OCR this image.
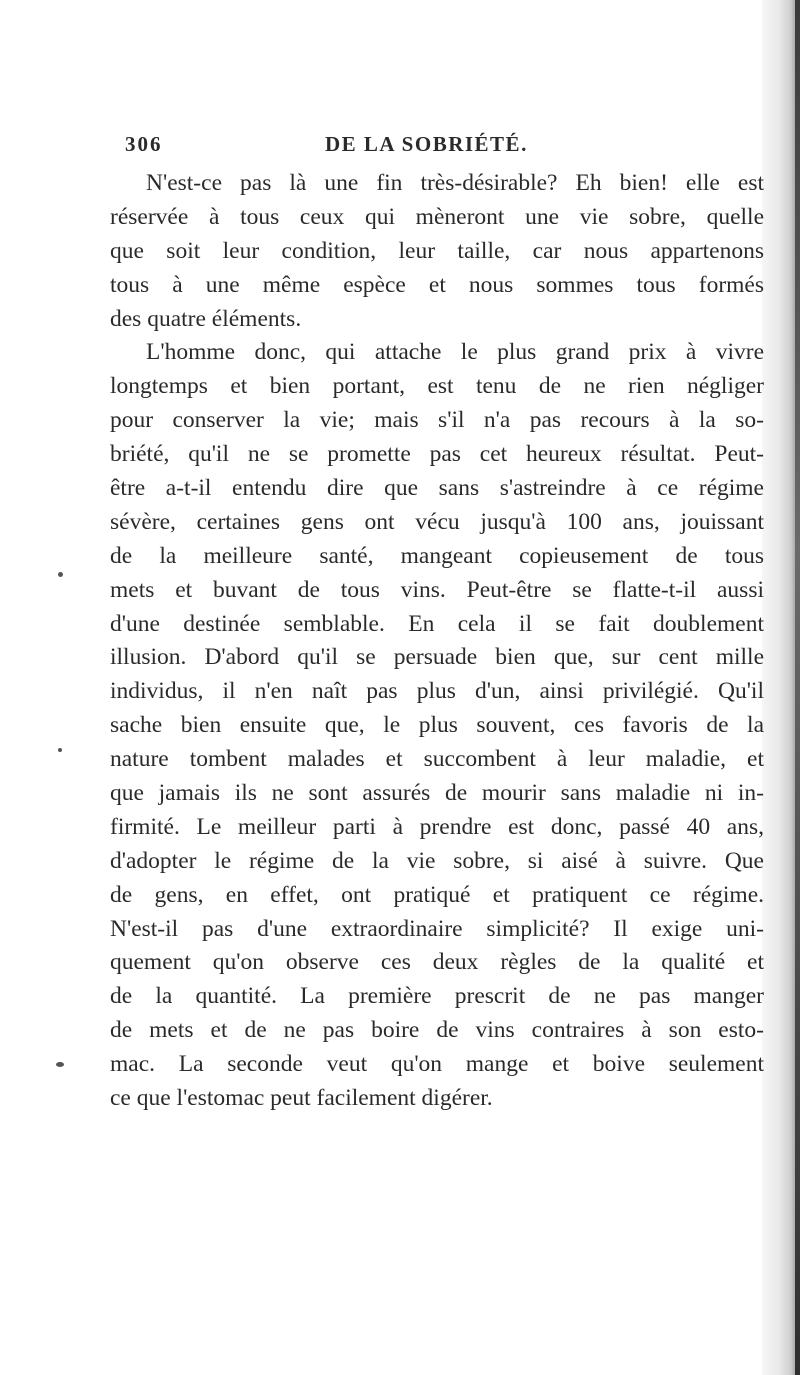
306	DE LA SOBRIÉTÉ.
N'est-ce pas là une fin très-désirable? Eh bien! elle est
réservée à tous ceux qui mèneront une vie sobre, quelle
que soit leur condition, leur taille, car nous appartenons
tous à une même espèce et nous sommes tous formés
des quatre éléments.
L'homme donc, qui attache le plus grand prix à vivre
longtemps et bien portant, est tenu de ne rien négliger
pour conserver la vie; mais s'il n'a pas recours à la so-
briété, qu'il ne se promette pas cet heureux résultat. Peut-
être a-t-il entendu dire que sans s'astreindre à ce régime
sévère, certaines gens ont vécu jusqu'à 100 ans, jouissant
de la meilleure santé, mangeant copieusement de tous
mets et buvant de tous vins. Peut-être se flatte-t-il aussi
d'une destinée semblable. En cela il se fait doublement
illusion. D'abord qu'il se persuade bien que, sur cent mille
individus, il n'en naît pas plus d'un, ainsi privilégié. Qu'il
sache bien ensuite que, le plus souvent, ces favoris de la
nature tombent malades et succombent à leur maladie, et
que jamais ils ne sont assurés de mourir sans maladie ni in-
firmité. Le meilleur parti à prendre est donc, passé 40 ans,
d'adopter le régime de la vie sobre, si aisé à suivre. Que
de gens, en effet, ont pratiqué et pratiquent ce régime.
N'est-il pas d'une extraordinaire simplicité? Il exige uni-
quement qu'on observe ces deux règles de la qualité et
de la quantité. La première prescrit de ne pas manger
de mets et de ne pas boire de vins contraires à son esto-
mac. La seconde veut qu'on mange et boive seulement
ce que l'estomac peut facilement digérer.
